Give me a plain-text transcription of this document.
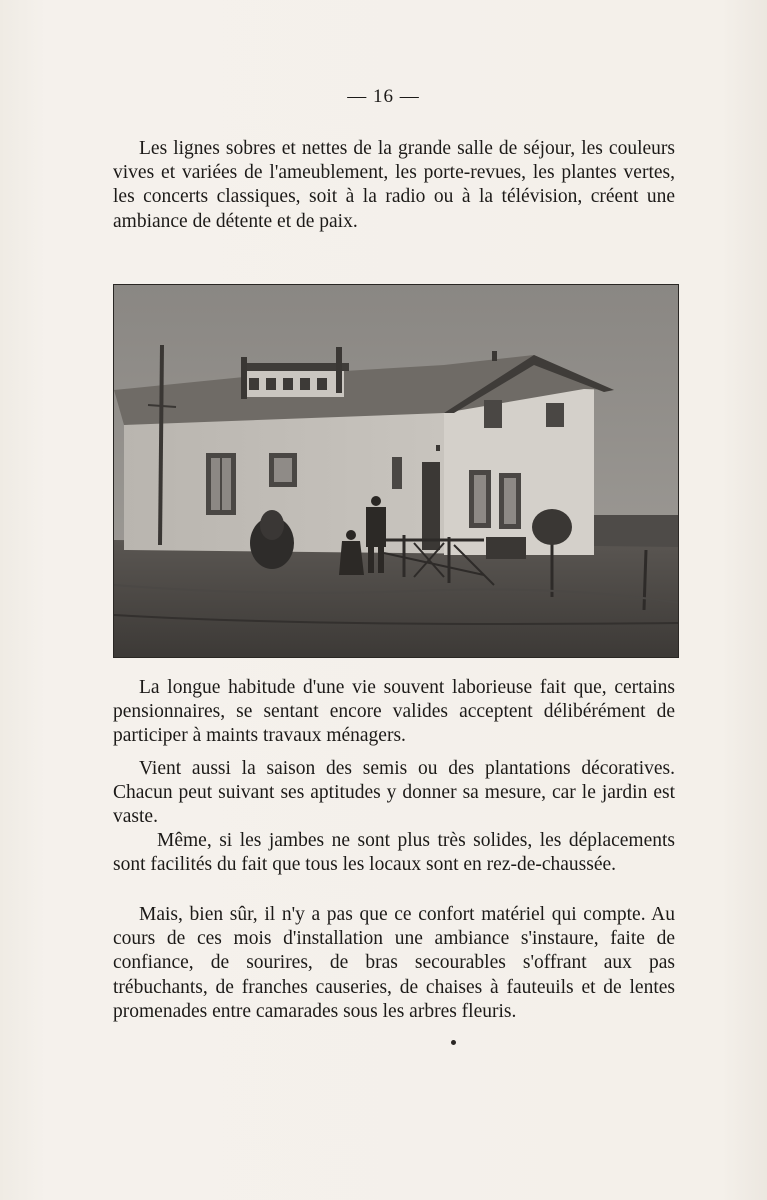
— 16 —

Les lignes sobres et nettes de la grande salle de séjour, les couleurs vives et variées de l'ameublement, les porte-revues, les plantes vertes, les concerts classiques, soit à la radio ou à la télévision, créent une ambiance de détente et de paix.

La longue habitude d'une vie souvent laborieuse fait que, certains pensionnaires, se sentant encore valides acceptent délibérément de participer à maints travaux ménagers.

Vient aussi la saison des semis ou des plantations décoratives. Chacun peut suivant ses aptitudes y donner sa mesure, car le jardin est vaste.

Même, si les jambes ne sont plus très solides, les déplacements sont facilités du fait que tous les locaux sont en rez-de-chaussée.

Mais, bien sûr, il n'y a pas que ce confort matériel qui compte. Au cours de ces mois d'installation une ambiance s'instaure, faite de confiance, de sourires, de bras secourables s'offrant aux pas trébuchants, de franches causeries, de chaises à fauteuils et de lentes promenades entre camarades sous les arbres fleuris.
